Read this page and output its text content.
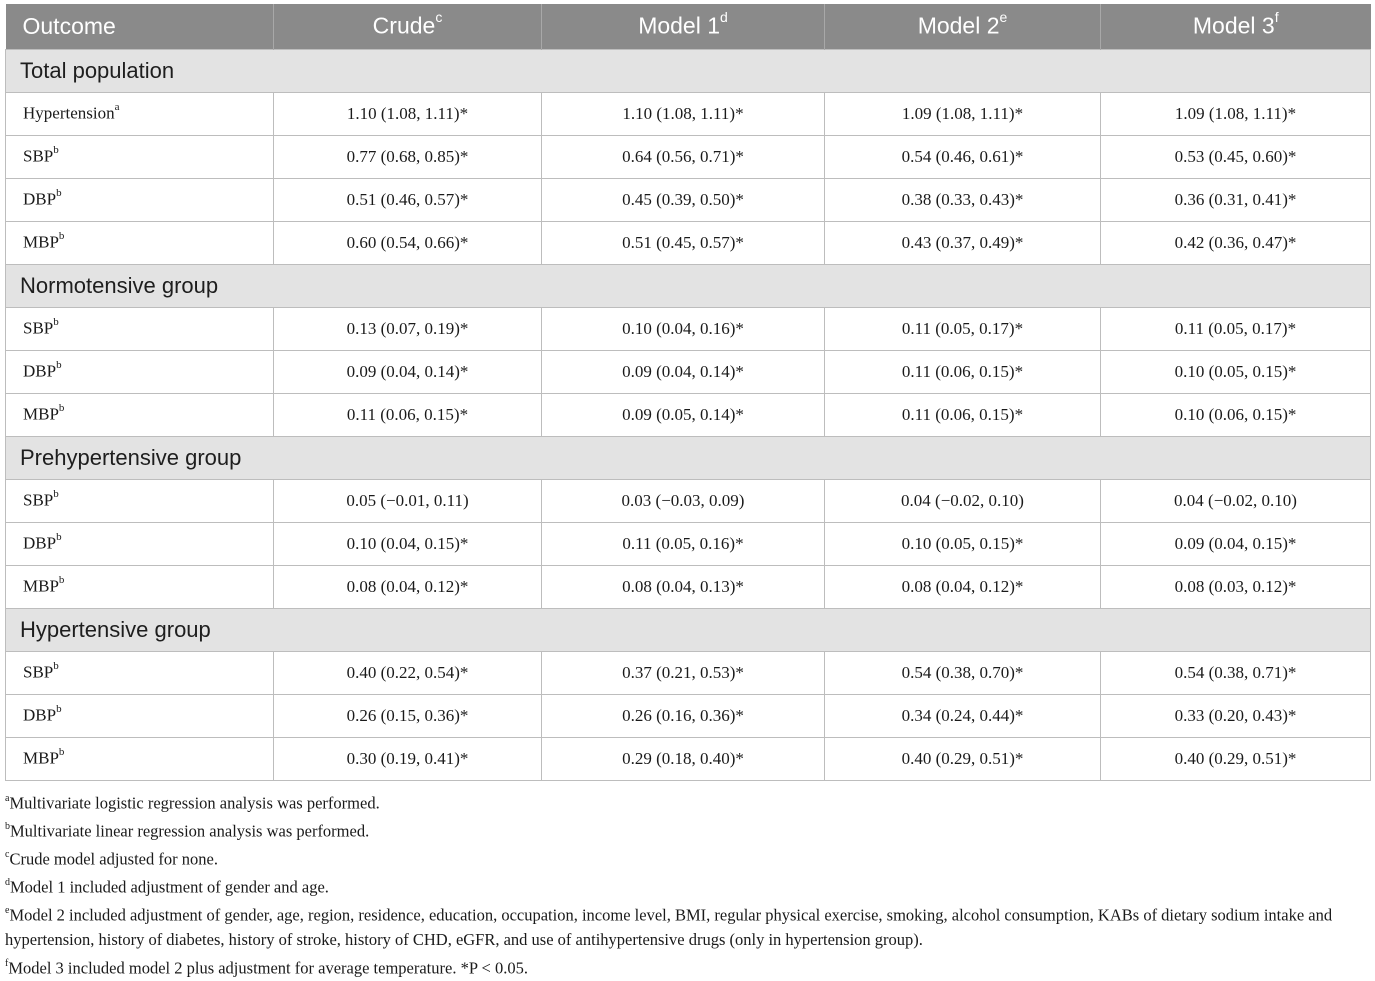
Outcome	Crude$^c$	Model 1$^d$	Model 2e	Model 3$^f$
Total population				
Hypertension$^a$	1.10 (1.08, 1.11)*	1.10 (1.08, 1.11)*	1.09 (1.08, 1.11)*	1.09 (1.08, 1.11)*
SBP$^b$	0.77 (0.68, 0.85)*	0.64 (0.56, 0.71)*	0.54 (0.46, 0.61)*	0.53 (0.45, 0.60)*
DBP$^b$	0.51 (0.46, 0.57)*	0.45 (0.39, 0.50)*	0.38 (0.33, 0.43)*	0.36 (0.31, 0.41)*
MBP$^b$	0.60 (0.54, 0.66)*	0.51 (0.45, 0.57)*	0.43 (0.37, 0.49)*	0.42 (0.36, 0.47)*
Normotensive group				
SBP$^b$	0.13 (0.07, 0.19)*	0.10 (0.04, 0.16)*	0.11 (0.05, 0.17)*	0.11 (0.05, 0.17)*
DBP$^b$	0.09 (0.04, 0.14)*	0.09 (0.04, 0.14)*	0.11 (0.06, 0.15)*	0.10 (0.05, 0.15)*
MBP$^b$	0.11 (0.06, 0.15)*	0.09 (0.05, 0.14)*	0.11 (0.06, 0.15)*	0.10 (0.06, 0.15)*
Prehypertensive group				
SBP$^b$	0.05 (−0.01, 0.11)	0.03 (−0.03, 0.09)	0.04 (−0.02, 0.10)	0.04 (−0.02, 0.10)
DBP$^b$	0.10 (0.04, 0.15)*	0.11 (0.05, 0.16)*	0.10 (0.05, 0.15)*	0.09 (0.04, 0.15)*
MBP$^b$	0.08 (0.04, 0.12)*	0.08 (0.04, 0.13)*	0.08 (0.04, 0.12)*	0.08 (0.03, 0.12)*
Hypertensive group				
SBP$^b$	0.40 (0.22, 0.54)*	0.37 (0.21, 0.53)*	0.54 (0.38, 0.70)*	0.54 (0.38, 0.71)*
DBP$^b$	0.26 (0.15, 0.36)*	0.26 (0.16, 0.36)*	0.34 (0.24, 0.44)*	0.33 (0.20, 0.43)*
MBP$^b$	0.30 (0.19, 0.41)*	0.29 (0.18, 0.40)*	0.40 (0.29, 0.51)*	0.40 (0.29, 0.51)*
$^a$Multivariate logistic regression analysis was performed.
$^b$Multivariate linear regression analysis was performed.
$^c$Crude model adjusted for none.
$^d$Model 1 included adjustment of gender and age.
$^e$Model 2 included adjustment of gender, age, region, residence, education, occupation, income level, BMI, regular physical exercise, smoking, alcohol consumption, KABs of dietary sodium intake and hypertension, history of diabetes, history of stroke, history of CHD, eGFR, and use of antihypertensive drugs (only in hypertension group).
$^f$Model 3 included model 2 plus adjustment for average temperature. *P < 0.05.
